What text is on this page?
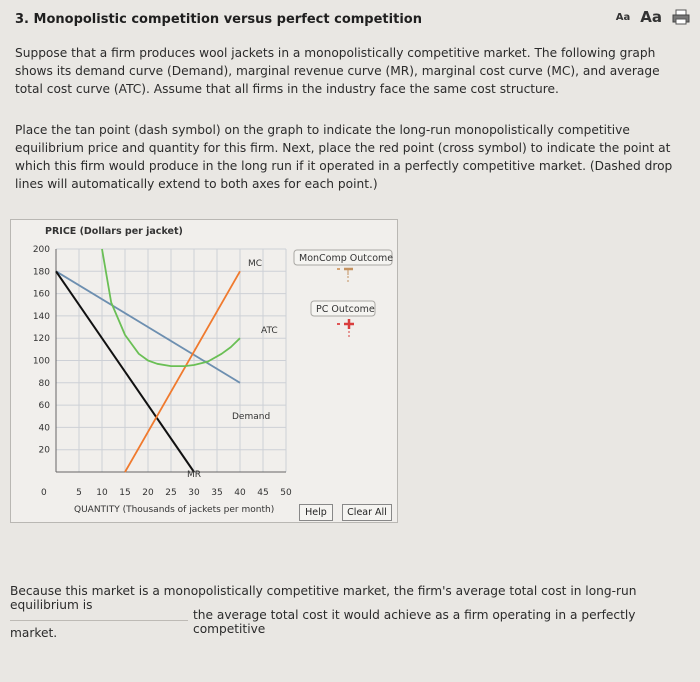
3. Monopolistic competition versus perfect competition	Aa Aa
Suppose that a firm produces wool jackets in a monopolistically competitive market. The following graph shows its demand curve (Demand), marginal revenue curve (MR), marginal cost curve (MC), and average total cost curve (ATC). Assume that all firms in the industry face the same cost structure.
Place the tan point (dash symbol) on the graph to indicate the long-run monopolistically competitive equilibrium price and quantity for this firm. Next, place the red point (cross symbol) to indicate the point at which this firm would produce in the long run if it operated in a perfectly competitive market. (Dashed drop lines will automatically extend to both axes for each point.)
PRICE (Dollars per jacket)
QUANTITY (Thousands of jackets per month)
0
20
40
60
80
100
120
140
160
180
200
5 10 15 20 25 30 35 40 45 50
MC
ATC
Demand
MR
MonComp Outcome
PC Outcome
Help	Clear All
Because this market is a monopolistically competitive market, the firm's average total cost in long-run equilibrium is
the average total cost it would achieve as a firm operating in a perfectly competitive
market.
